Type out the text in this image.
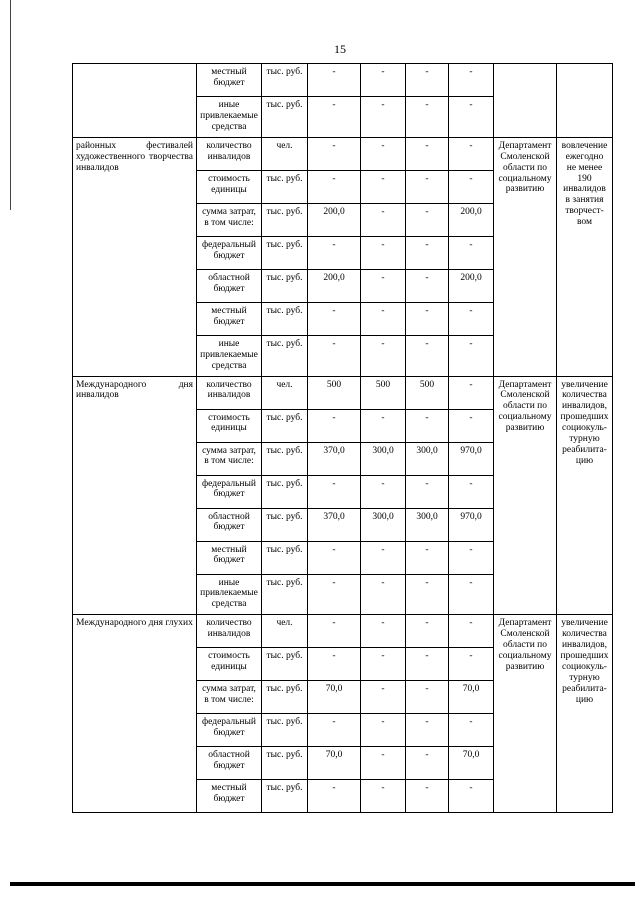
15
	местный бюджет	тыс. руб.	-	-	-	-		
	иные привлекаемые средства	тыс. руб.	-	-	-	-		
районных фестивалей художественного творчества инвалидов	количество инвалидов	чел.	-	-	-	-	Департамент Смоленской области по социальному развитию	вовлечение ежегодно не менее 190 инвалидов в занятия творчест-вом
	стоимость единицы	тыс. руб.	-	-	-	-		
	сумма затрат, в том числе:	тыс. руб.	200,0	-	-	200,0		
	федеральный бюджет	тыс. руб.	-	-	-	-		
	областной бюджет	тыс. руб.	200,0	-	-	200,0		
	местный бюджет	тыс. руб.	-	-	-	-		
	иные привлекаемые средства	тыс. руб.	-	-	-	-		
Международного дня инвалидов	количество инвалидов	чел.	500	500	500	-	Департамент Смоленской области по социальному развитию	увеличение количества инвалидов, прошедших социокуль-турную реабилита-цию
	стоимость единицы	тыс. руб.	-	-	-	-		
	сумма затрат, в том числе:	тыс. руб.	370,0	300,0	300,0	970,0		
	федеральный бюджет	тыс. руб.	-	-	-	-		
	областной бюджет	тыс. руб.	370,0	300,0	300,0	970,0		
	местный бюджет	тыс. руб.	-	-	-	-		
	иные привлекаемые средства	тыс. руб.	-	-	-	-		
Международного дня глухих	количество инвалидов	чел.	-	-	-	-	Департамент Смоленской области по социальному развитию	увеличение количества инвалидов, прошедших социокуль-турную реабилита-цию
	стоимость единицы	тыс. руб.	-	-	-	-		
	сумма затрат, в том числе:	тыс. руб.	70,0	-	-	70,0		
	федеральный бюджет	тыс. руб.	-	-	-	-		
	областной бюджет	тыс. руб.	70,0	-	-	70,0		
	местный бюджет	тыс. руб.	-	-	-	-		
